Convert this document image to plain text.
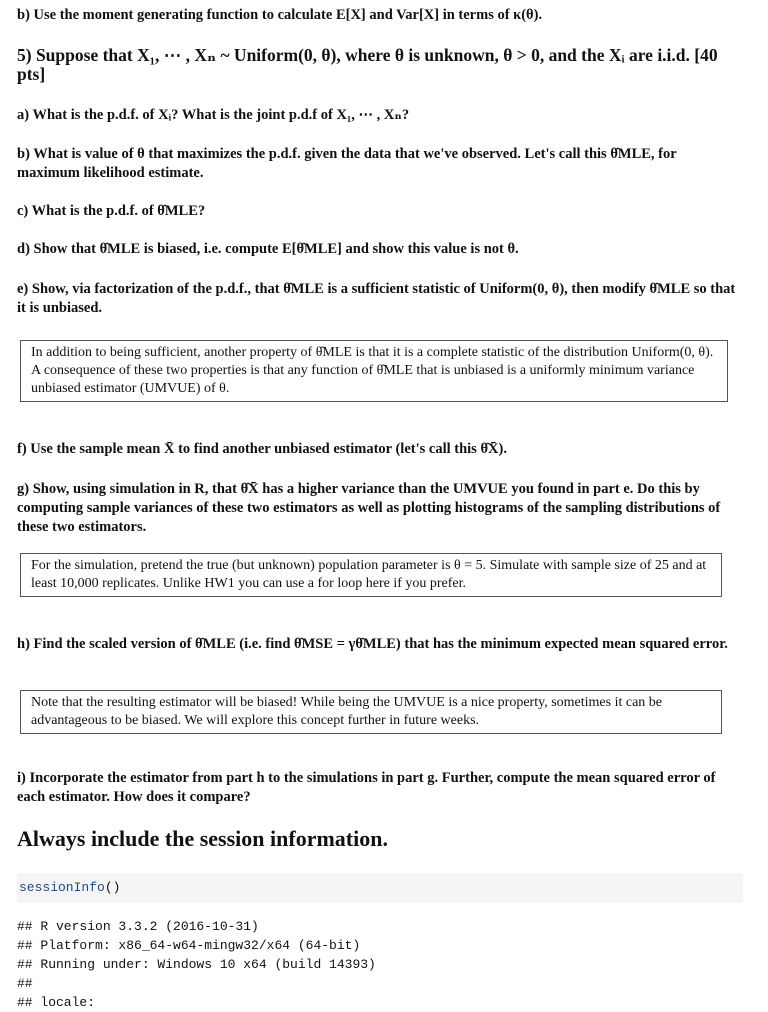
b) Use the moment generating function to calculate E[X] and Var[X] in terms of κ(θ).
5) Suppose that X₁, ⋯ , Xₙ ~ Uniform(0, θ), where θ is unknown, θ > 0, and the Xᵢ are i.i.d. [40 pts]
a) What is the p.d.f. of Xᵢ? What is the joint p.d.f of X₁, ⋯ , Xₙ?
b) What is value of θ that maximizes the p.d.f. given the data that we've observed. Let's call this θ̂MLE, for maximum likelihood estimate.
c) What is the p.d.f. of θ̂MLE?
d) Show that θ̂MLE is biased, i.e. compute E[θ̂MLE] and show this value is not θ.
e) Show, via factorization of the p.d.f., that θ̂MLE is a sufficient statistic of Uniform(0, θ), then modify θ̂MLE so that it is unbiased.
In addition to being sufficient, another property of θ̂MLE is that it is a complete statistic of the distribution Uniform(0, θ). A consequence of these two properties is that any function of θ̂MLE that is unbiased is a uniformly minimum variance unbiased estimator (UMVUE) of θ.
f) Use the sample mean X̄ to find another unbiased estimator (let's call this θ̂X̄).
g) Show, using simulation in R, that θ̂X̄ has a higher variance than the UMVUE you found in part e. Do this by computing sample variances of these two estimators as well as plotting histograms of the sampling distributions of these two estimators.
For the simulation, pretend the true (but unknown) population parameter is θ = 5. Simulate with sample size of 25 and at least 10,000 replicates. Unlike HW1 you can use a for loop here if you prefer.
h) Find the scaled version of θ̂MLE (i.e. find θ̂MSE = γθ̂MLE) that has the minimum expected mean squared error.
Note that the resulting estimator will be biased! While being the UMVUE is a nice property, sometimes it can be advantageous to be biased. We will explore this concept further in future weeks.
i) Incorporate the estimator from part h to the simulations in part g. Further, compute the mean squared error of each estimator. How does it compare?
Always include the session information.
sessionInfo()
## R version 3.3.2 (2016-10-31)
## Platform: x86_64-w64-mingw32/x64 (64-bit)
## Running under: Windows 10 x64 (build 14393)
##
## locale:
